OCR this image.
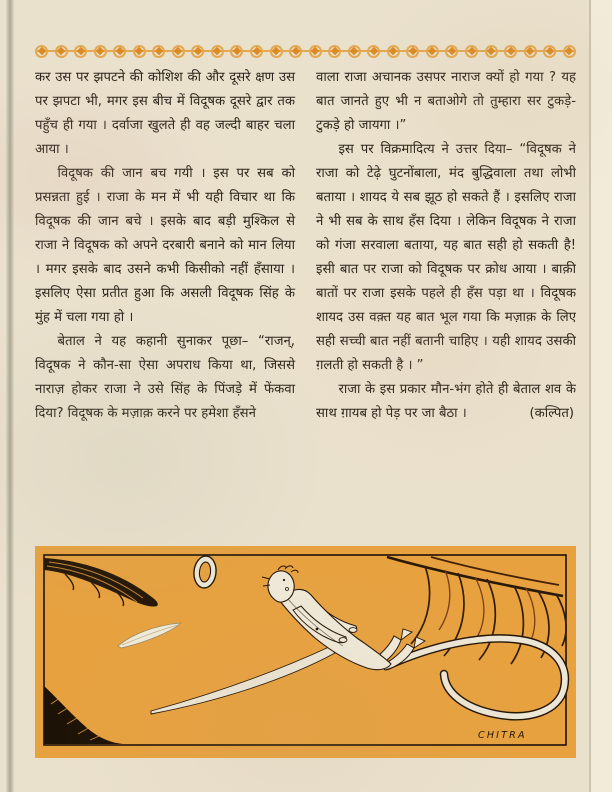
कर उस पर झपटने की कोशिश की और दूसरे क्षण उस पर झपटा भी, मगर इस बीच में विदूषक दूसरे द्वार तक पहुँच ही गया । दर्वाजा खुलते ही वह जल्दी बाहर चला आया ।

विदूषक की जान बच गयी । इस पर सब को प्रसन्नता हुई । राजा के मन में भी यही विचार था कि विदूषक की जान बचे । इसके बाद बड़ी मुश्किल से राजा ने विदूषक को अपने दरबारी बनाने को मान लिया । मगर इसके बाद उसने कभी किसीको नहीं हँसाया । इसलिए ऐसा प्रतीत हुआ कि असली विदूषक सिंह के मुंह में चला गया हो ।

बेताल ने यह कहानी सुनाकर पूछा– “राजन्, विदूषक ने कौन-सा ऐसा अपराध किया था, जिससे नाराज़ होकर राजा ने उसे सिंह के पिंजड़े में फेंकवा दिया? विदूषक के मज़ाक़ करने पर हमेशा हँसने

वाला राजा अचानक उसपर नाराज क्यों हो गया ? यह बात जानते हुए भी न बताओगे तो तुम्हारा सर टुकड़े-टुकड़े हो जायगा ।”

इस पर विक्रमादित्य ने उत्तर दिया– “विदूषक ने राजा को टेढ़े घुटनोंबाला, मंद बुद्धिवाला तथा लोभी बताया । शायद ये सब झूठ हो सकते हैं । इसलिए राजा ने भी सब के साथ हँस दिया । लेकिन विदूषक ने राजा को गंजा सरवाला बताया, यह बात सही हो सकती है! इसी बात पर राजा को विदूषक पर क्रोध आया । बाक़ी बातों पर राजा इसके पहले ही हँस पड़ा था । विदूषक शायद उस वक़्त यह बात भूल गया कि मज़ाक़ के लिए सही सच्ची बात नहीं बतानी चाहिए । यही शायद उसकी ग़लती हो सकती है । ”

राजा के इस प्रकार मौन-भंग होते ही बेताल शव के साथ ग़ायब हो पेड़ पर जा बैठा ।	(कल्पित)
CHITRA
